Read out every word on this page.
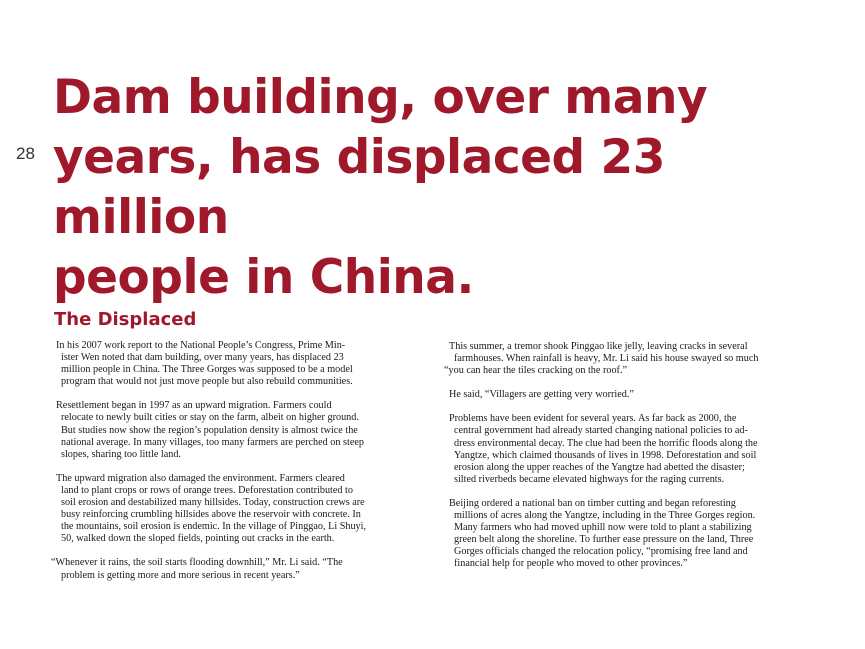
28
Dam building, over many
years, has displaced 23 million
people in China.
The Displaced

In his 2007 work report to the National People’s Congress, Prime Min-
ister Wen noted that dam building, over many years, has displaced 23
million people in China. The Three Gorges was supposed to be a model
program that would not just move people but also rebuild communities.

Resettlement began in 1997 as an upward migration. Farmers could
relocate to newly built cities or stay on the farm, albeit on higher ground.
But studies now show the region’s population density is almost twice the
national average. In many villages, too many farmers are perched on steep
slopes, sharing too little land.

The upward migration also damaged the environment. Farmers cleared
land to plant crops or rows of orange trees. Deforestation contributed to
soil erosion and destabilized many hillsides. Today, construction crews are
busy reinforcing crumbling hillsides above the reservoir with concrete. In
the mountains, soil erosion is endemic. In the village of Pinggao, Li Shuyi,
50, walked down the sloped fields, pointing out cracks in the earth.

“Whenever it rains, the soil starts flooding downhill,” Mr. Li said. “The
problem is getting more and more serious in recent years.”

This summer, a tremor shook Pinggao like jelly, leaving cracks in several
farmhouses. When rainfall is heavy, Mr. Li said his house swayed so much
“you can hear the tiles cracking on the roof.”

He said, “Villagers are getting very worried.”

Problems have been evident for several years. As far back as 2000, the
central government had already started changing national policies to ad-
dress environmental decay. The clue had been the horrific floods along the
Yangtze, which claimed thousands of lives in 1998. Deforestation and soil
erosion along the upper reaches of the Yangtze had abetted the disaster;
silted riverbeds became elevated highways for the raging currents.

Beijing ordered a national ban on timber cutting and began reforesting
millions of acres along the Yangtze, including in the Three Gorges region.
Many farmers who had moved uphill now were told to plant a stabilizing
green belt along the shoreline. To further ease pressure on the land, Three
Gorges officials changed the relocation policy, “promising free land and
financial help for people who moved to other provinces.”
